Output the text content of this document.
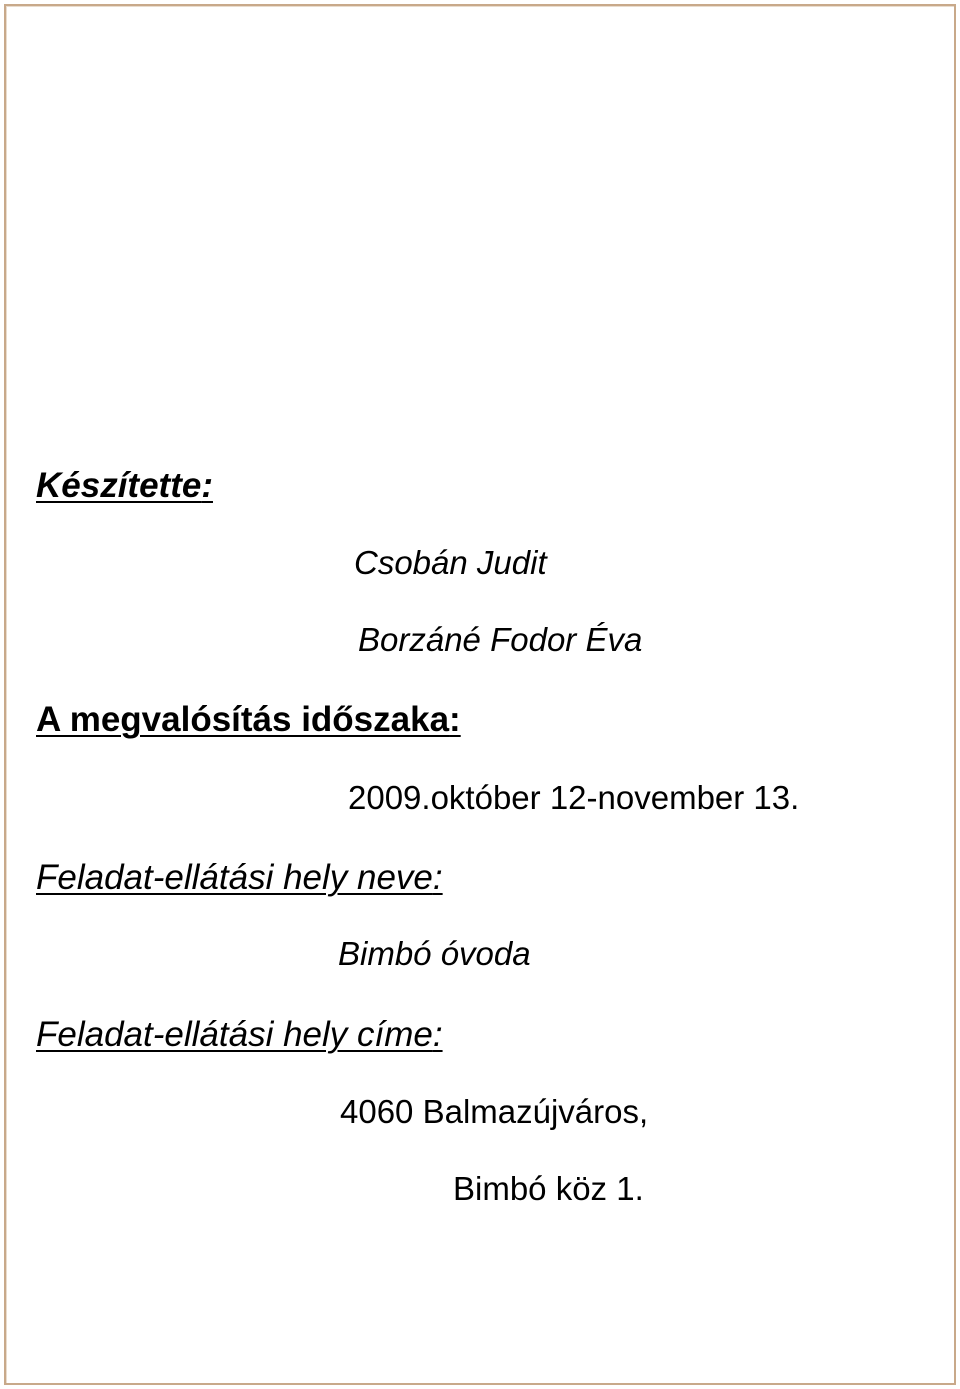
Készítette:
Csobán Judit
Borzáné Fodor Éva
A megvalósítás időszaka:
2009.október 12-november 13.
Feladat-ellátási hely neve:
Bimbó óvoda
Feladat-ellátási hely címe:
4060 Balmazújváros,
Bimbó köz 1.
